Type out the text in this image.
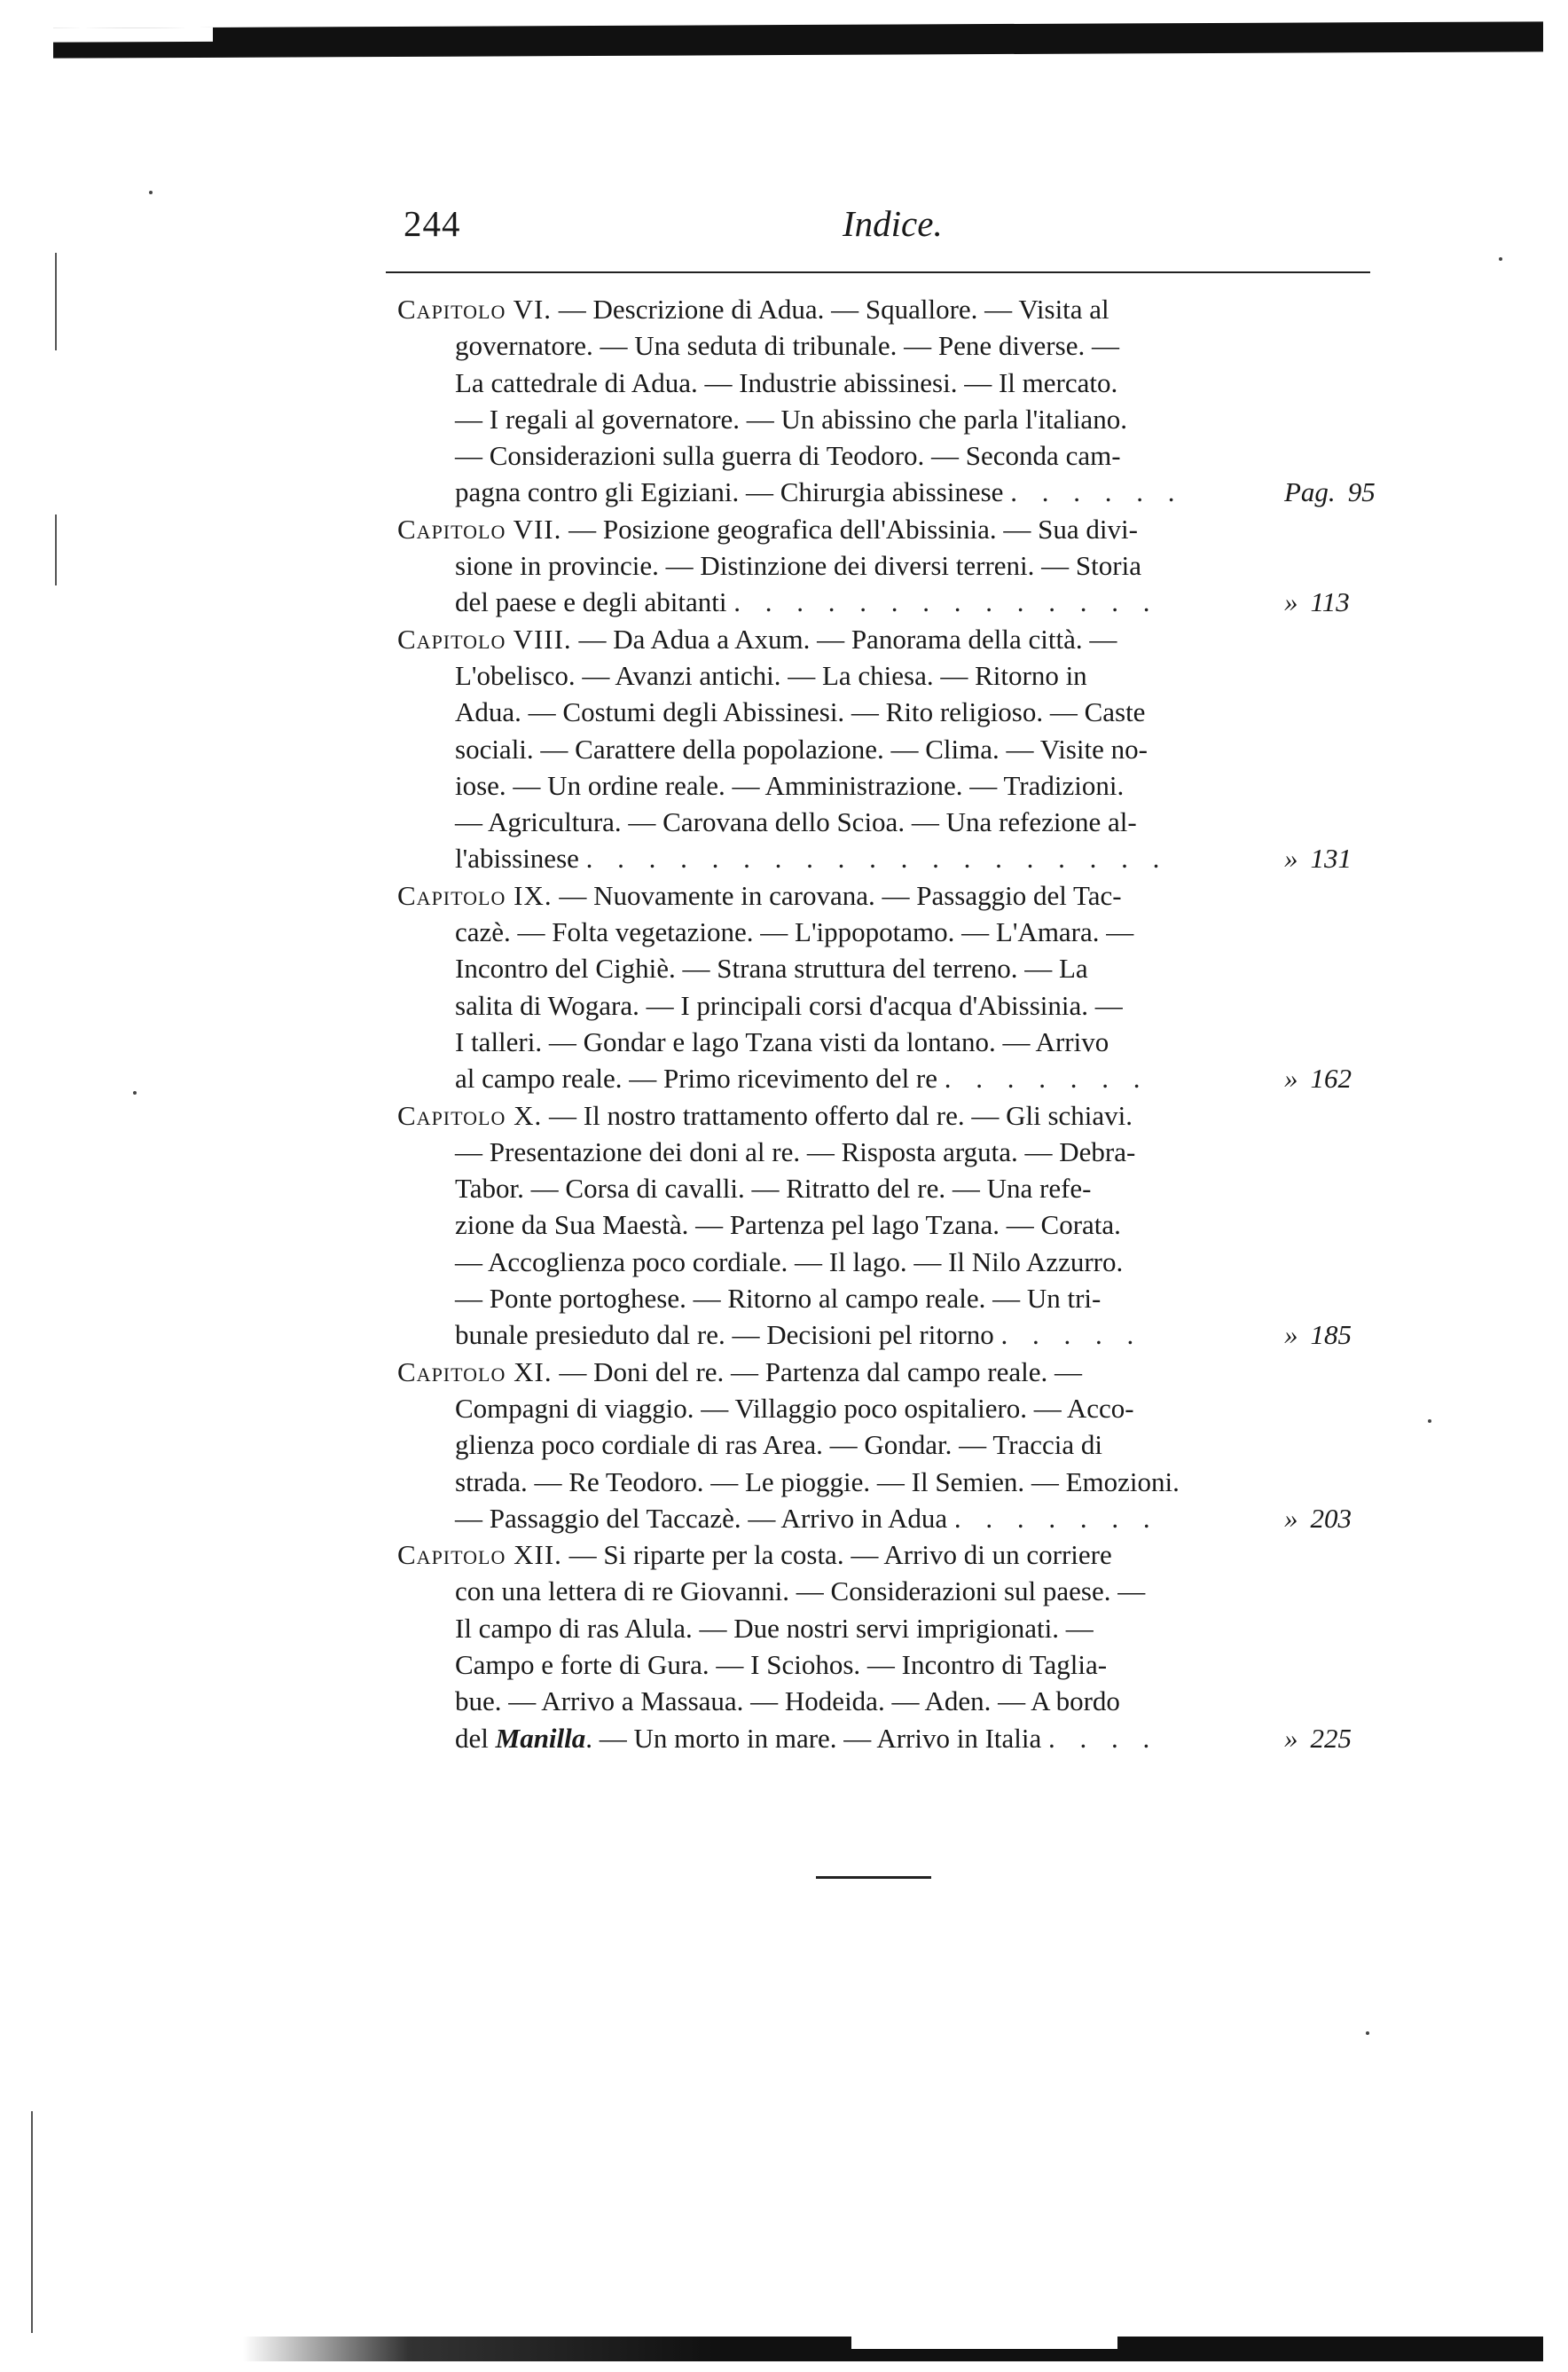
244	Indice.
Capitolo VI. — Descrizione di Adua. — Squallore. — Visita al
governatore. — Una seduta di tribunale. — Pene diverse. —
La cattedrale di Adua. — Industrie abissinesi. — Il mercato.
— I regali al governatore. — Un abissino che parla l'italiano.
— Considerazioni sulla guerra di Teodoro. — Seconda cam-
pagna contro gli Egiziani. — Chirurgia abissinese . . . . . .	Pag. 95
Capitolo VII. — Posizione geografica dell'Abissinia. — Sua divi-
sione in provincie. — Distinzione dei diversi terreni. — Storia
del paese e degli abitanti . . . . . . . . . . . . . .	» 113
Capitolo VIII. — Da Adua a Axum. — Panorama della città. —
L'obelisco. — Avanzi antichi. — La chiesa. — Ritorno in
Adua. — Costumi degli Abissinesi. — Rito religioso. — Caste
sociali. — Carattere della popolazione. — Clima. — Visite no-
iose. — Un ordine reale. — Amministrazione. — Tradizioni.
— Agricultura. — Carovana dello Scioa. — Una refezione al-
l'abissinese . . . . . . . . . . . . . . . . . . .	» 131
Capitolo IX. — Nuovamente in carovana. — Passaggio del Tac-
cazè. — Folta vegetazione. — L'ippopotamo. — L'Amara. —
Incontro del Cighiè. — Strana struttura del terreno. — La
salita di Wogara. — I principali corsi d'acqua d'Abissinia. —
I talleri. — Gondar e lago Tzana visti da lontano. — Arrivo
al campo reale. — Primo ricevimento del re . . . . . . .	» 162
Capitolo X. — Il nostro trattamento offerto dal re. — Gli schiavi.
— Presentazione dei doni al re. — Risposta arguta. — Debra-
Tabor. — Corsa di cavalli. — Ritratto del re. — Una refe-
zione da Sua Maestà. — Partenza pel lago Tzana. — Corata.
— Accoglienza poco cordiale. — Il lago. — Il Nilo Azzurro.
— Ponte portoghese. — Ritorno al campo reale. — Un tri-
bunale presieduto dal re. — Decisioni pel ritorno . . . . .	» 185
Capitolo XI. — Doni del re. — Partenza dal campo reale. —
Compagni di viaggio. — Villaggio poco ospitaliero. — Acco-
glienza poco cordiale di ras Area. — Gondar. — Traccia di
strada. — Re Teodoro. — Le pioggie. — Il Semien. — Emozioni.
— Passaggio del Taccazè. — Arrivo in Adua . . . . . . .	» 203
Capitolo XII. — Si riparte per la costa. — Arrivo di un corriere
con una lettera di re Giovanni. — Considerazioni sul paese. —
Il campo di ras Alula. — Due nostri servi imprigionati. —
Campo e forte di Gura. — I Sciohos. — Incontro di Taglia-
bue. — Arrivo a Massaua. — Hodeida. — Aden. — A bordo
del Manilla. — Un morto in mare. — Arrivo in Italia . . . .	» 225
